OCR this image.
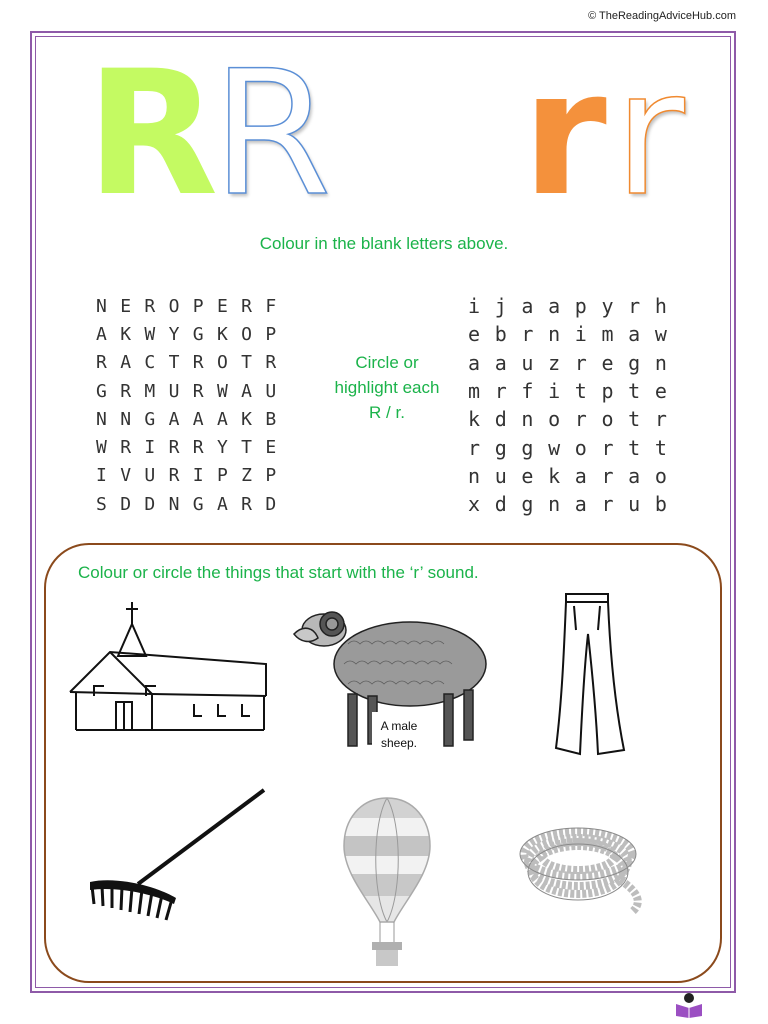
© TheReadingAdviceHub.com
R
R r r
Colour in the blank letters above.
N E R O P E R F
A K W Y G K O P
R A C T R O T R
G R M U R W A U
N N G A A A K B
W R I R R Y T E
I V U R I P Z P
S D D N G A R D
Circle or
highlight each
R / r.
i j a a p y r h
e b r n i m a w
a a u z r e g n
m r f i t p t e
k d n o r o t r
r g g w o r t t
n u e k a r a o
x d g n a r u b
Colour or circle the things that start with the ‘r’ sound.
A male
sheep.
